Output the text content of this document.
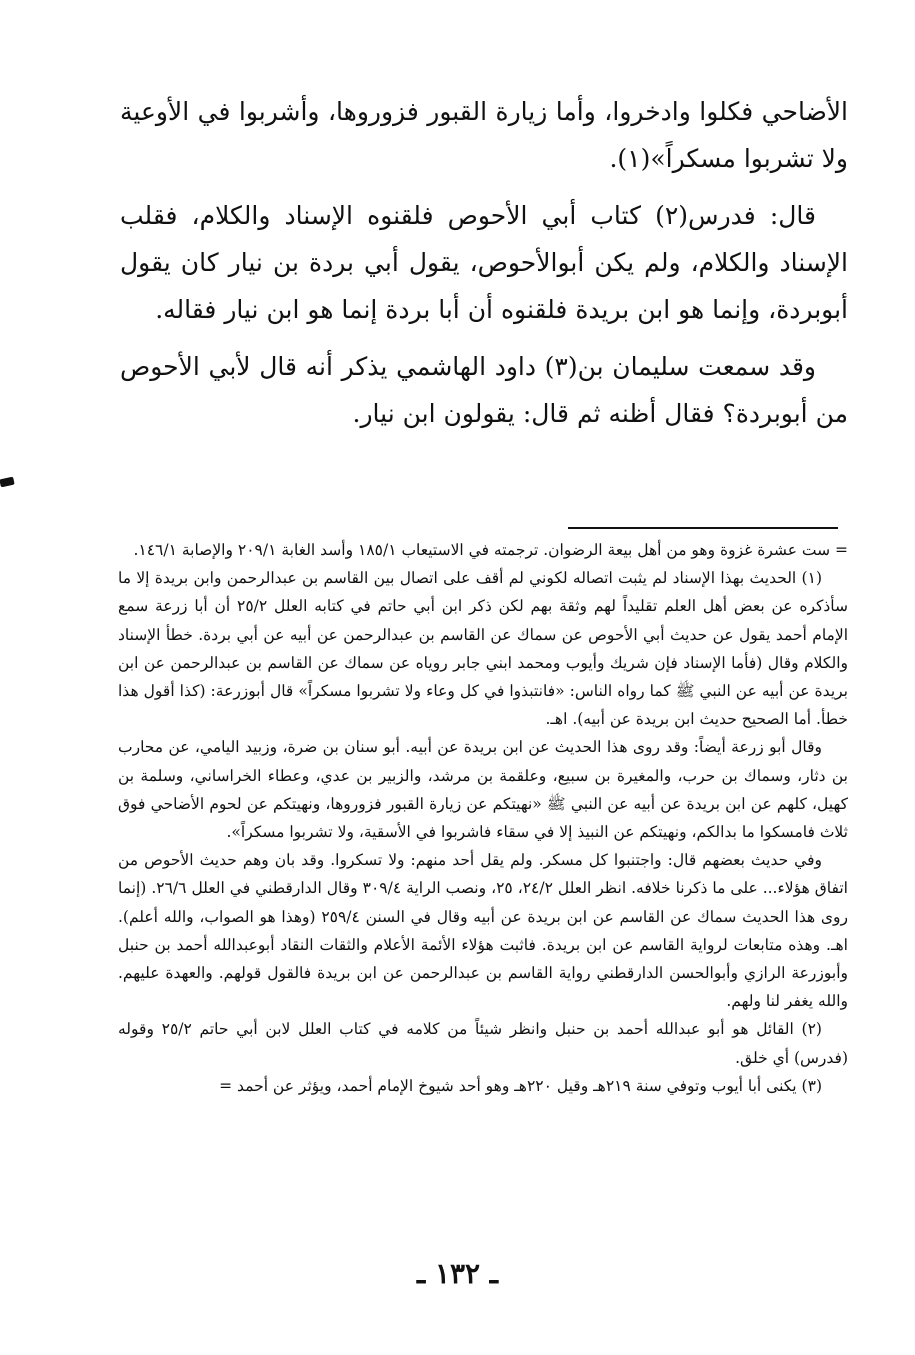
الأضاحي فكلوا وادخروا، وأما زيارة القبور فزوروها، وأشربوا في الأوعية ولا تشربوا مسكراً»(١).

قال: فدرس(٢) كتاب أبي الأحوص فلقنوه الإسناد والكلام، فقلب الإسناد والكلام، ولم يكن أبوالأحوص، يقول أبي بردة بن نيار كان يقول أبوبردة، وإنما هو ابن بريدة فلقنوه أن أبا بردة إنما هو ابن نيار فقاله.

وقد سمعت سليمان بن(٣) داود الهاشمي يذكر أنه قال لأبي الأحوص من أبوبردة؟ فقال أظنه ثم قال: يقولون ابن نيار.

= ست عشرة غزوة وهو من أهل بيعة الرضوان. ترجمته في الاستيعاب ١٨٥/١ وأسد الغابة ٢٠٩/١ والإصابة ١٤٦/١.

(١) الحديث بهذا الإسناد لم يثبت اتصاله لكوني لم أقف على اتصال بين القاسم بن عبدالرحمن وابن بريدة إلا ما سأذكره عن بعض أهل العلم تقليداً لهم وثقة بهم لكن ذكر ابن أبي حاتم في كتابه العلل ٢٥/٢ أن أبا زرعة سمع الإمام أحمد يقول عن حديث أبي الأحوص عن سماك عن القاسم بن عبدالرحمن عن أبيه عن أبي بردة. خطأ الإسناد والكلام وقال (فأما الإسناد فإن شريك وأيوب ومحمد ابني جابر روياه عن سماك عن القاسم بن عبدالرحمن عن ابن بريدة عن أبيه عن النبي ﷺ كما رواه الناس: «فانتبذوا في كل وعاء ولا تشربوا مسكراً» قال أبوزرعة: (كذا أقول هذا خطأ. أما الصحيح حديث ابن بريدة عن أبيه). اهـ.

وقال أبو زرعة أيضاً: وقد روى هذا الحديث عن ابن بريدة عن أبيه. أبو سنان بن ضرة، وزبيد اليامي، عن محارب بن دثار، وسماك بن حرب، والمغيرة بن سبيع، وعلقمة بن مرشد، والزبير بن عدي، وعطاء الخراساني، وسلمة بن كهيل، كلهم عن ابن بريدة عن أبيه عن النبي ﷺ «نهيتكم عن زيارة القبور فزوروها، ونهيتكم عن لحوم الأضاحي فوق ثلاث فامسكوا ما بدالكم، ونهيتكم عن النبيذ إلا في سقاء فاشربوا في الأسقية، ولا تشربوا مسكراً».

وفي حديث بعضهم قال: واجتنبوا كل مسكر. ولم يقل أحد منهم: ولا تسكروا. وقد بان وهم حديث الأحوص من اتفاق هؤلاء... على ما ذكرنا خلافه. انظر العلل ٢٤/٢، ٢٥، ونصب الراية ٣٠٩/٤ وقال الدارقطني في العلل ٢٦/٦. (إنما روى هذا الحديث سماك عن القاسم عن ابن بريدة عن أبيه وقال في السنن ٢٥٩/٤ (وهذا هو الصواب، والله أعلم). اهـ. وهذه متابعات لرواية القاسم عن ابن بريدة. فاثبت هؤلاء الأئمة الأعلام والثقات النقاد أبوعبدالله أحمد بن حنبل وأبوزرعة الرازي وأبوالحسن الدارقطني رواية القاسم بن عبدالرحمن عن ابن بريدة فالقول قولهم. والعهدة عليهم. والله يغفر لنا ولهم.

(٢) القائل هو أبو عبدالله أحمد بن حنبل وانظر شيئاً من كلامه في كتاب العلل لابن أبي حاتم ٢٥/٢ وقوله (فدرس) أي خلق.

(٣) يكنى أبا أيوب وتوفي سنة ٢١٩هـ وقيل ٢٢٠هـ وهو أحد شيوخ الإمام أحمد، ويؤثر عن أحمد =

ـ ١٣٢ ـ
